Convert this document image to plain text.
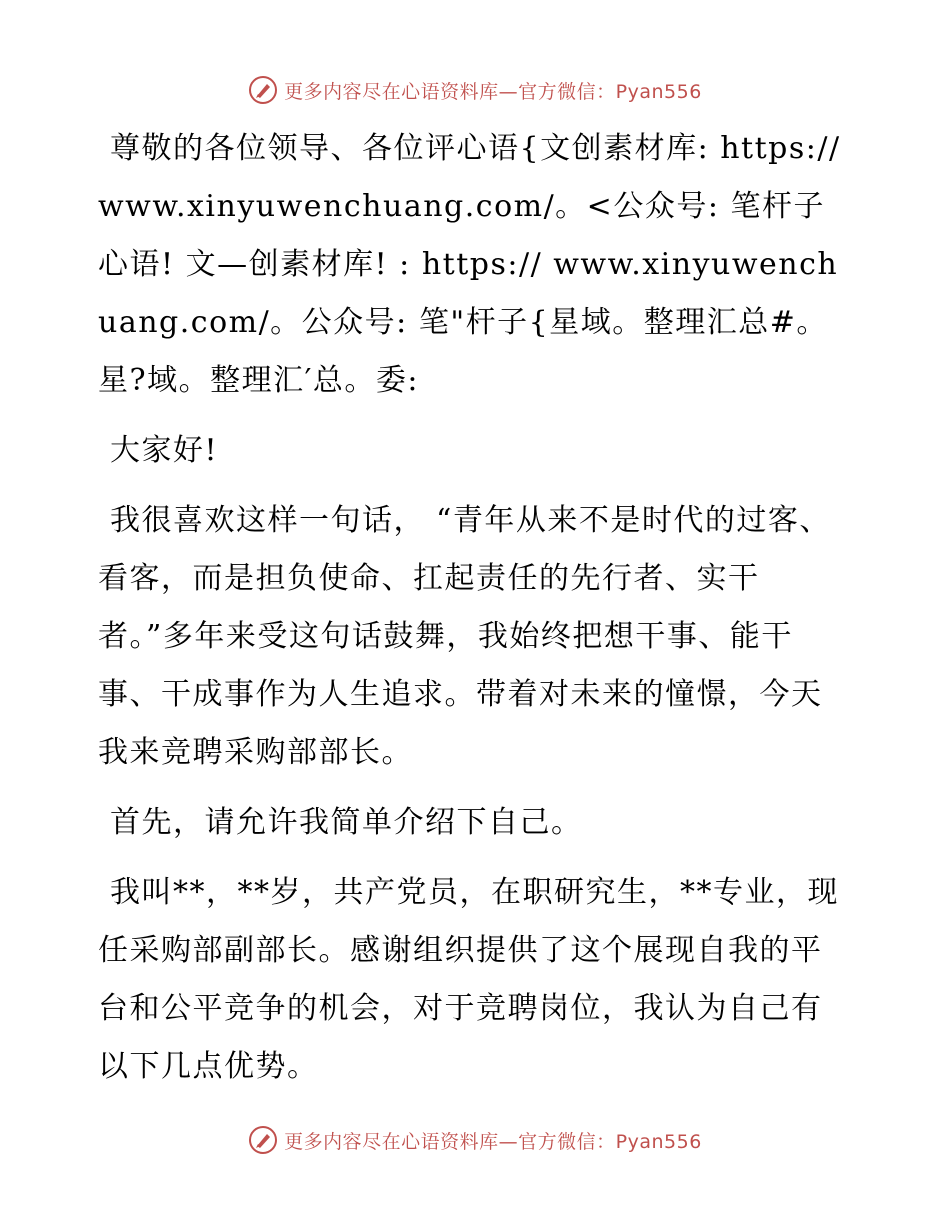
更多内容尽在心语资料库—官方微信：Pyan556

尊敬的各位领导、各位评心语{文创素材库: https://www.xinyuwenchuang.com/。<公众号: 笔杆子心语! 文—创素材库! : https:// www.xinyuwenchuang.com/。公众号: 笔"杆子{星域。整理汇总#。星?域。整理汇′总。委:

大家好!

我很喜欢这样一句话， “青年从来不是时代的过客、看客，而是担负使命、扛起责任的先行者、实干者。”多年来受这句话鼓舞，我始终把想干事、能干事、干成事作为人生追求。带着对未来的憧憬，今天我来竞聘采购部部长。

首先，请允许我简单介绍下自己。

我叫**，**岁，共产党员，在职研究生，**专业，现任采购部副部长。感谢组织提供了这个展现自我的平台和公平竞争的机会，对于竞聘岗位，我认为自己有以下几点优势。

更多内容尽在心语资料库—官方微信：Pyan556
